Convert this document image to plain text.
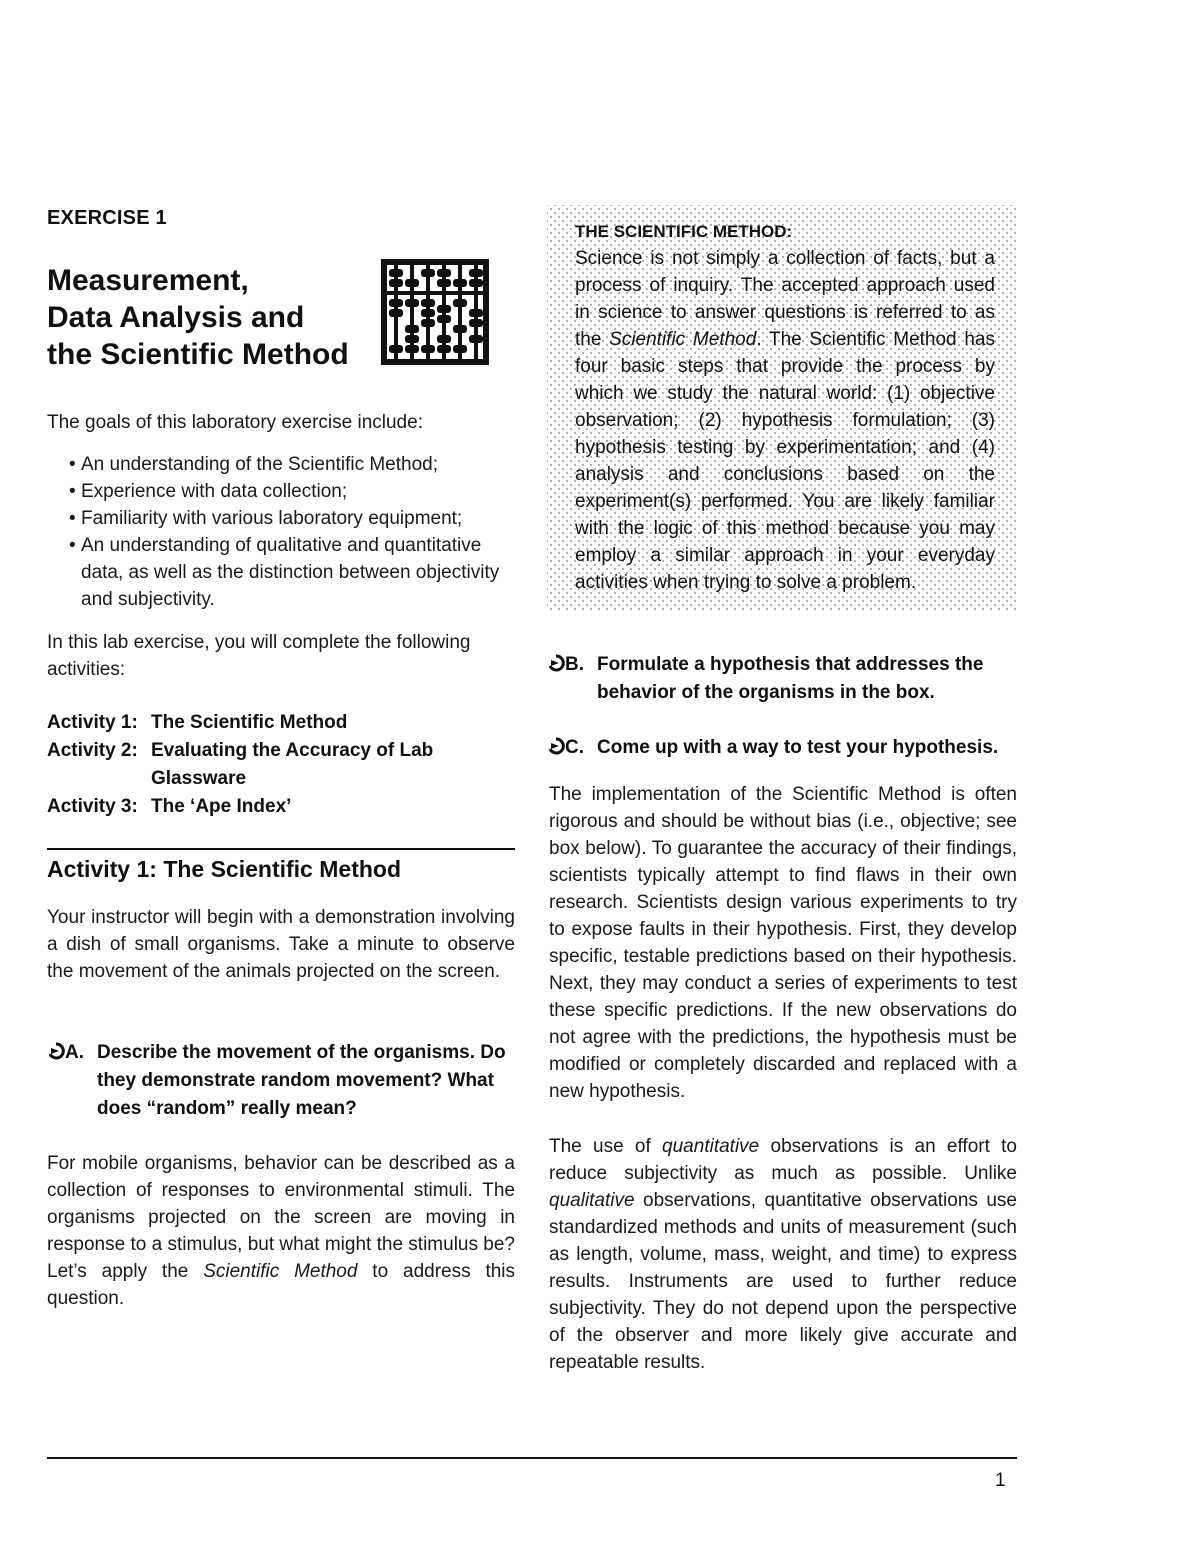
EXERCISE 1
Measurement,
Data Analysis and
the Scientific Method

The goals of this laboratory exercise include:

• An understanding of the Scientific Method;
• Experience with data collection;
• Familiarity with various laboratory equipment;
• An understanding of qualitative and quantitative data, as well as the distinction between objectivity and subjectivity.

In this lab exercise, you will complete the following activities:

Activity 1: The Scientific Method
Activity 2: Evaluating the Accuracy of Lab Glassware
Activity 3: The ‘Ape Index’
Activity 1: The Scientific Method

Your instructor will begin with a demonstration involving a dish of small organisms. Take a minute to observe the movement of the animals projected on the screen.

A. Describe the movement of the organisms. Do they demonstrate random movement? What does “random” really mean?

For mobile organisms, behavior can be described as a collection of responses to environmental stimuli. The organisms projected on the screen are moving in response to a stimulus, but what might the stimulus be? Let’s apply the Scientific Method to address this question.

THE SCIENTIFIC METHOD:

Science is not simply a collection of facts, but a process of inquiry. The accepted approach used in science to answer questions is referred to as the Scientific Method. The Scientific Method has four basic steps that provide the process by which we study the natural world: (1) objective observation; (2) hypothesis formulation; (3) hypothesis testing by experimentation; and (4) analysis and conclusions based on the experiment(s) performed. You are likely familiar with the logic of this method because you may employ a similar approach in your everyday activities when trying to solve a problem.

B. Formulate a hypothesis that addresses the behavior of the organisms in the box.
C. Come up with a way to test your hypothesis.

The implementation of the Scientific Method is often rigorous and should be without bias (i.e., objective; see box below). To guarantee the accuracy of their findings, scientists typically attempt to find flaws in their own research. Scientists design various experiments to try to expose faults in their hypothesis. First, they develop specific, testable predictions based on their hypothesis. Next, they may conduct a series of experiments to test these specific predictions. If the new observations do not agree with the predictions, the hypothesis must be modified or completely discarded and replaced with a new hypothesis.

The use of quantitative observations is an effort to reduce subjectivity as much as possible. Unlike qualitative observations, quantitative observations use standardized methods and units of measurement (such as length, volume, mass, weight, and time) to express results. Instruments are used to further reduce subjectivity. They do not depend upon the perspective of the observer and more likely give accurate and repeatable results.

1
